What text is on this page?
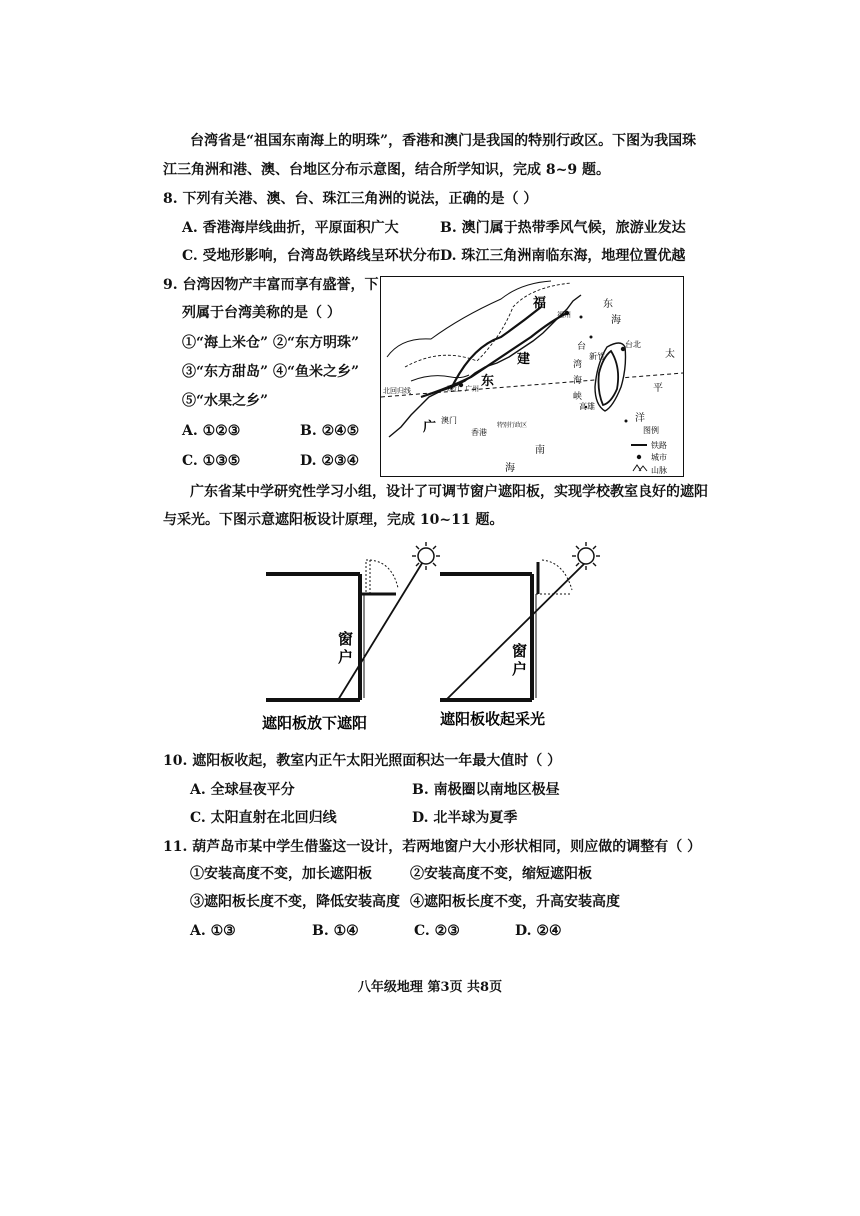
台湾省是“祖国东南海上的明珠”，香港和澳门是我国的特别行政区。下图为我国珠
江三角洲和港、澳、台地区分布示意图，结合所学知识，完成 8~9 题。
8. 下列有关港、澳、台、珠江三角洲的说法，正确的是（ ）
A. 香港海岸线曲折，平原面积广大	B. 澳门属于热带季风气候，旅游业发达
C. 受地形影响，台湾岛铁路线呈环状分布 D. 珠江三角洲南临东海，地理位置优越
9. 台湾因物产丰富而享有盛誉，下
列属于台湾美称的是（ ）
①“海上米仓” ②“东方明珠”
③“东方甜岛” ④“鱼米之乡”
⑤“水果之乡”
A. ①②③	B. ②④⑤
C. ①③⑤	D. ②③④
福
建
福州
广
东
广州
珠江
澳门
香港
北回归线
特别行政区
台
湾
海
峡
新竹
台北
高雄
东
海
太
平
洋
南
海
图例
铁路
城市
山脉
广东省某中学研究性学习小组，设计了可调节窗户遮阳板，实现学校教室良好的遮阳
与采光。下图示意遮阳板设计原理，完成 10~11 题。
窗
户
遮阳板放下遮阳
窗
户
遮阳板收起采光
10. 遮阳板收起，教室内正午太阳光照面积达一年最大值时（ ）
A. 全球昼夜平分	B. 南极圈以南地区极昼
C. 太阳直射在北回归线	D. 北半球为夏季
11. 葫芦岛市某中学生借鉴这一设计，若两地窗户大小形状相同，则应做的调整有（ ）
①安装高度不变，加长遮阳板	②安装高度不变，缩短遮阳板
③遮阳板长度不变，降低安装高度 ④遮阳板长度不变，升高安装高度
A. ①③	B. ①④	C. ②③	D. ②④
八年级地理 第3页 共8页
